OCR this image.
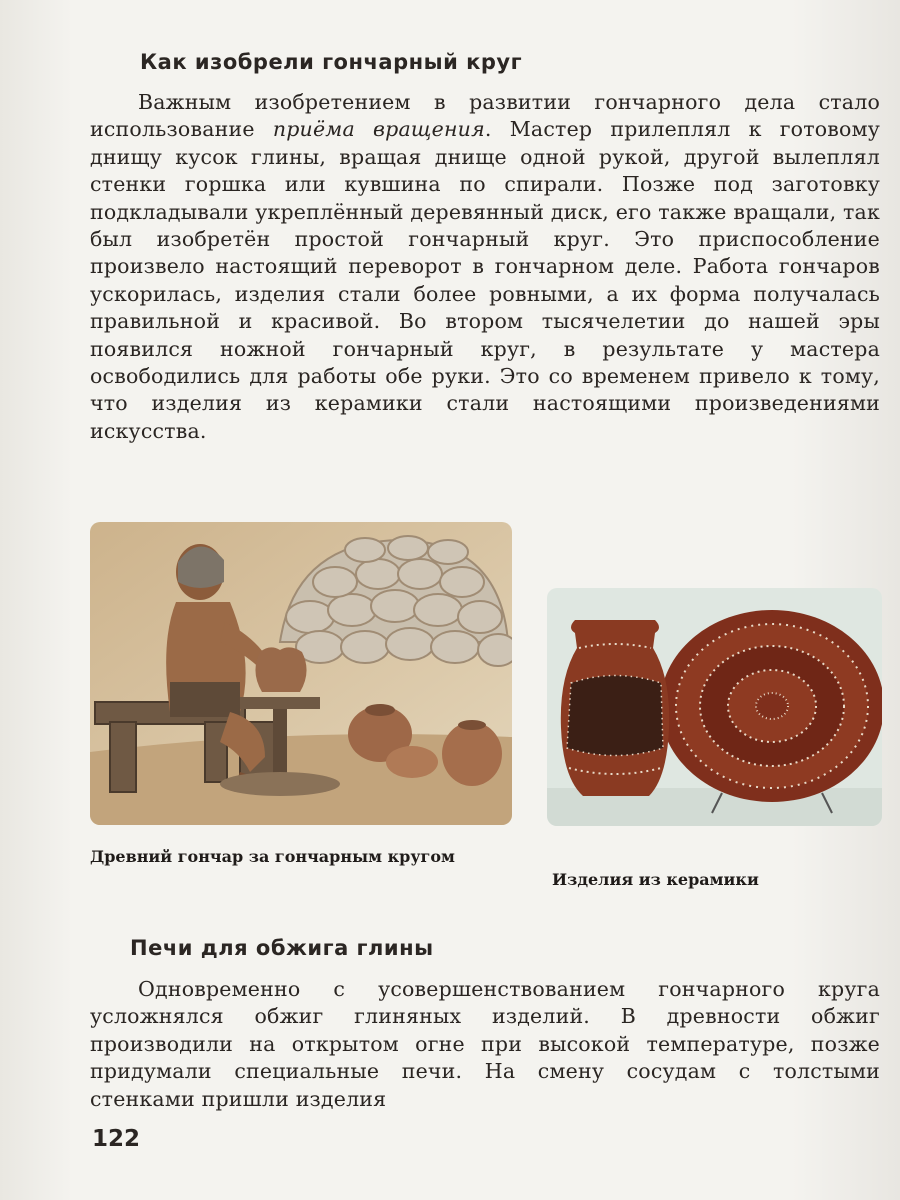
Как изобрели гончарный круг
Важным изобретением в развитии гончарного дела стало использование приёма вращения. Мастер прилеплял к готовому днищу кусок глины, вращая днище одной рукой, другой вылеплял стенки горшка или кувшина по спирали. Позже под заготовку подкладывали укреплённый деревянный диск, его также вращали, так был изобретён простой гончарный круг. Это приспособление произвело настоящий переворот в гончарном деле. Работа гончаров ускорилась, изделия стали более ровными, а их форма получалась правильной и красивой. Во втором тысячелетии до нашей эры появился ножной гончарный круг, в результате у мастера освободились для работы обе руки. Это со временем привело к тому, что изделия из керамики стали настоящими произведениями искусства.
Древний гончар за гончарным кругом
Изделия из керамики
Печи для обжига глины
Одновременно с усовершенствованием гончарного круга усложнялся обжиг глиняных изделий. В древности обжиг производили на открытом огне при высокой температуре, позже придумали специальные печи. На смену сосудам с толстыми стенками пришли изделия
122
